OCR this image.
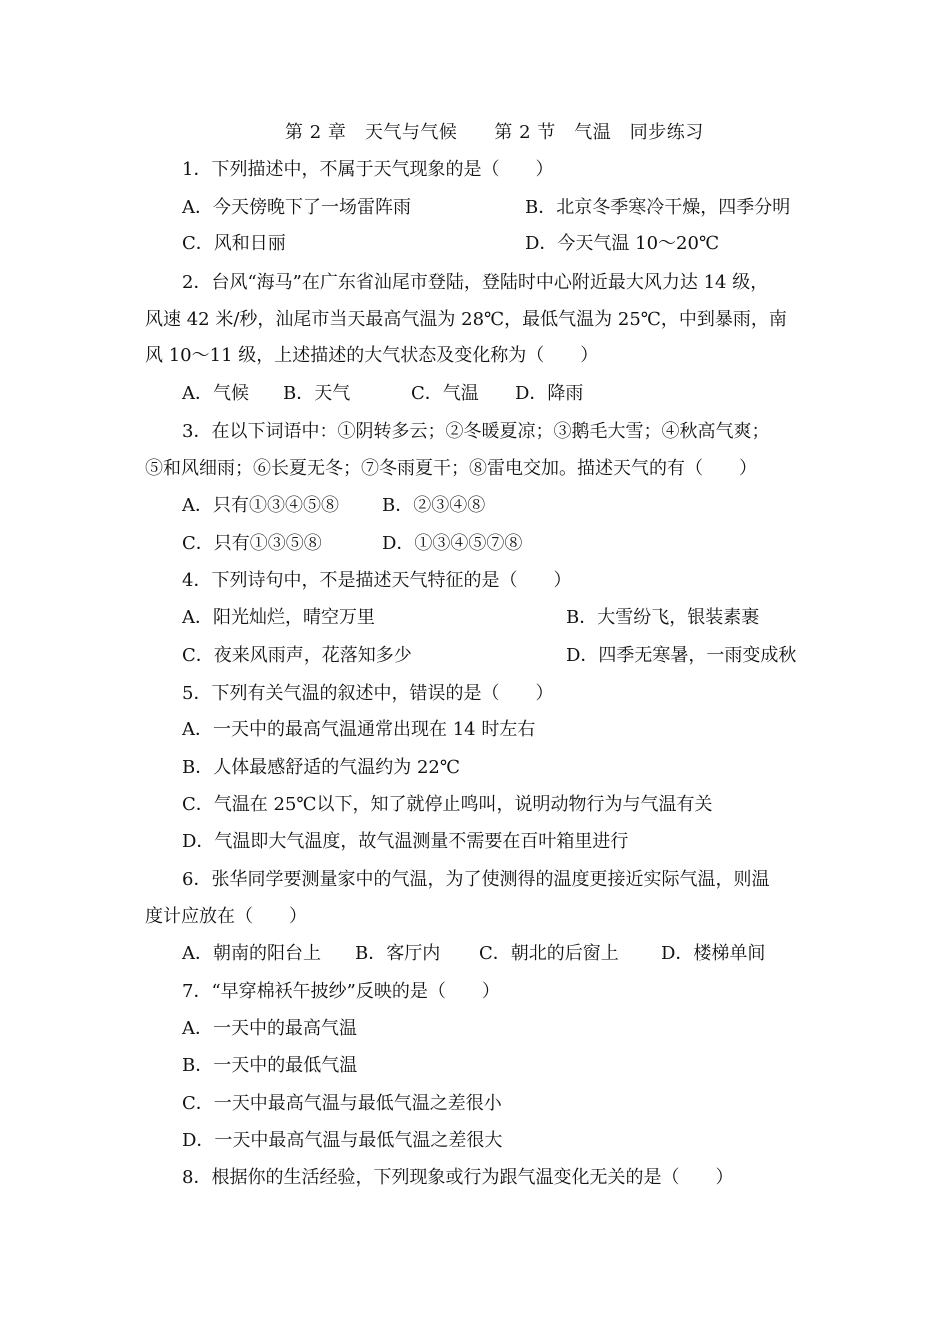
第 2 章　天气与气候　　第 2 节　气温　同步练习
1．下列描述中，不属于天气现象的是（　　）
A．今天傍晚下了一场雷阵雨	B．北京冬季寒冷干燥，四季分明
C．风和日丽	D．今天气温 10～20℃
2．台风“海马”在广东省汕尾市登陆，登陆时中心附近最大风力达 14 级，
风速 42 米/秒，汕尾市当天最高气温为 28℃，最低气温为 25℃，中到暴雨，南
风 10～11 级，上述描述的大气状态及变化称为（　　）
A．气候 B．天气	C．气温 D．降雨
3．在以下词语中：①阴转多云；②冬暖夏凉；③鹅毛大雪；④秋高气爽；
⑤和风细雨；⑥长夏无冬；⑦冬雨夏干；⑧雷电交加。描述天气的有（　　）
A．只有①③④⑤⑧ B．②③④⑧
C．只有①③⑤⑧	D．①③④⑤⑦⑧
4．下列诗句中，不是描述天气特征的是（　　）
A．阳光灿烂，晴空万里	B．大雪纷飞，银装素裹
C．夜来风雨声，花落知多少	D．四季无寒暑，一雨变成秋
5．下列有关气温的叙述中，错误的是（　　）
A．一天中的最高气温通常出现在 14 时左右
B．人体最感舒适的气温约为 22℃
C．气温在 25℃以下，知了就停止鸣叫，说明动物行为与气温有关
D．气温即大气温度，故气温测量不需要在百叶箱里进行
6．张华同学要测量家中的气温，为了使测得的温度更接近实际气温，则温
度计应放在（　　）
A．朝南的阳台上 B．客厅内 C．朝北的后窗上 D．楼梯单间
7．“早穿棉袄午披纱”反映的是（　　）
A．一天中的最高气温
B．一天中的最低气温
C．一天中最高气温与最低气温之差很小
D．一天中最高气温与最低气温之差很大
8．根据你的生活经验，下列现象或行为跟气温变化无关的是（　　）
